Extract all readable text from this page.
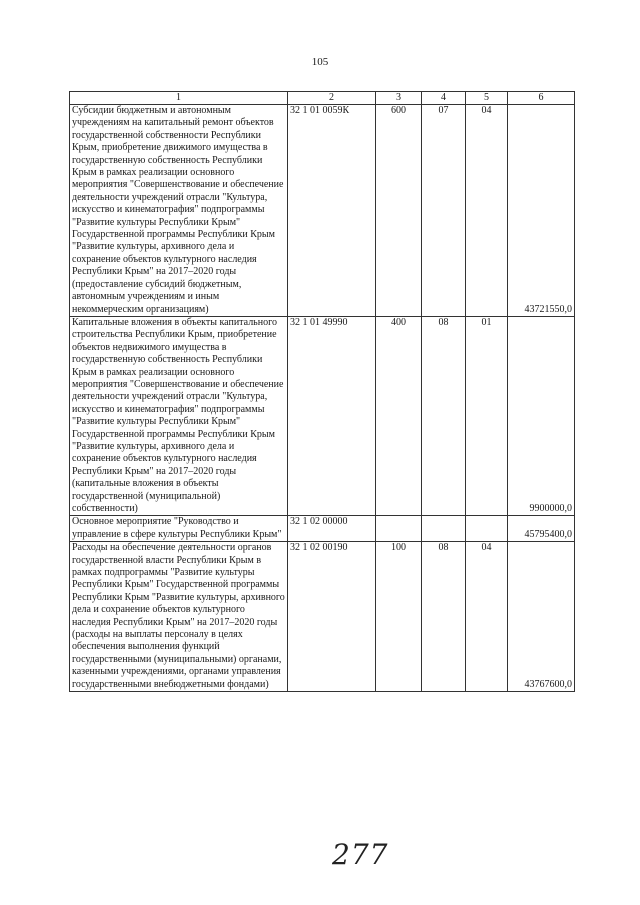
105
1	2	3	4	5	6
Субсидии бюджетным и автономным учреждениям на капитальный ремонт объектов государственной собственности Республики Крым, приобретение движимого имущества в государственную собственность Республики Крым в рамках реализации основного мероприятия "Совершенствование и обеспечение деятельности учреждений отрасли "Культура, искусство и кинематография" подпрограммы "Развитие культуры Республики Крым" Государственной программы Республики Крым "Развитие культуры, архивного дела и сохранение объектов культурного наследия Республики Крым" на 2017–2020 годы (предоставление субсидий бюджетным, автономным учреждениям и иным некоммерческим организациям)	32 1 01 0059К	600	07	04	43721550,0
Капитальные вложения в объекты капитального строительства Республики Крым, приобретение объектов недвижимого имущества в государственную собственность Республики Крым в рамках реализации основного мероприятия "Совершенствование и обеспечение деятельности учреждений отрасли "Культура, искусство и кинематография" подпрограммы "Развитие культуры Республики Крым" Государственной программы Республики Крым "Развитие культуры, архивного дела и сохранение объектов культурного наследия Республики Крым" на 2017–2020 годы (капитальные вложения в объекты государственной (муниципальной) собственности)	32 1 01 49990	400	08	01	9900000,0
Основное мероприятие "Руководство и управление в сфере культуры Республики Крым"	32 1 02 00000				45795400,0
Расходы на обеспечение деятельности органов государственной власти Республики Крым в рамках подпрограммы "Развитие культуры Республики Крым" Государственной программы Республики Крым "Развитие культуры, архивного дела и сохранение объектов культурного наследия Республики Крым" на 2017–2020 годы (расходы на выплаты персоналу в целях обеспечения выполнения функций государственными (муниципальными) органами, казенными учреждениями, органами управления государственными внебюджетными фондами)	32 1 02 00190	100	08	04	43767600,0
277
